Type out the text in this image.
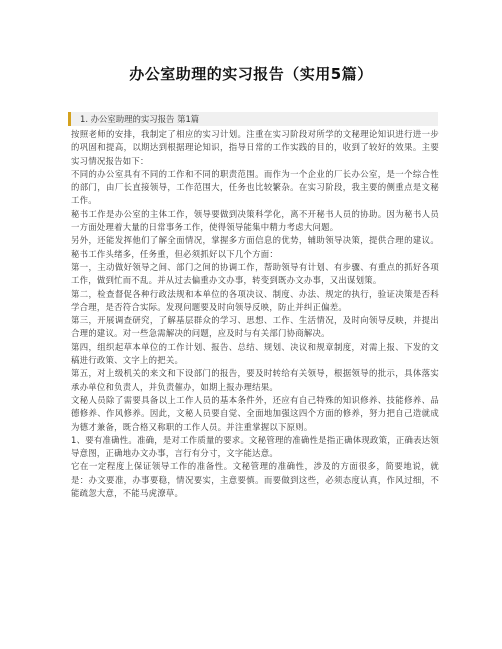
办公室助理的实习报告（实用5篇）
1. 办公室助理的实习报告 第1篇

按照老师的安排，我制定了相应的实习计划。注重在实习阶段对所学的文秘理论知识进行进一步的巩固和提高，以期达到根据理论知识，指导日常的工作实践的目的，收到了较好的效果。主要实习情况报告如下：

不同的办公室具有不同的工作和不同的职责范围。而作为一个企业的厂长办公室，是一个综合性的部门，由厂长直接领导，工作范围大，任务也比较繁杂。在实习阶段，我主要的侧重点是文秘工作。

秘书工作是办公室的主体工作，领导要做到决策科学化，离不开秘书人员的协助。因为秘书人员一方面处理着大量的日常事务工作，使得领导能集中精力考虑大问题。

另外，还能发挥他们了解全面情况，掌握多方面信息的优势，辅助领导决策，提供合理的建议。秘书工作头绪多，任务重，但必须抓好以下几个方面：

第一，主动做好领导之间、部门之间的协调工作，帮助领导有计划、有步骤、有重点的抓好各项工作，做到忙而不乱。并从过去偏重办文办事，转变到既办文办事，又出谋划策。

第二，检查督促各种行政法规和本单位的各项决议、制度、办法、规定的执行，验证决策是否科学合理，是否符合实际。发现问题要及时向领导反映，防止并纠正偏差。

第三，开展调查研究，了解基层群众的学习、思想、工作、生活情况，及时向领导反映，并提出合理的建议。对一些急需解决的问题，应及时与有关部门协商解决。

第四，组织起草本单位的工作计划、报告、总结、规划、决议和规章制度，对需上报、下发的文稿进行政策、文字上的把关。

第五，对上级机关的来文和下设部门的报告，要及时转给有关领导，根据领导的批示，具体落实承办单位和负责人，并负责催办，如期上报办理结果。

文秘人员除了需要具备以上工作人员的基本条件外，还应有自己特殊的知识修养、技能修养、品德修养、作风修养。因此，文秘人员要自觉、全面地加强这四个方面的修养，努力把自己造就成为德才兼备，既合格又称职的工作人员。并注重掌握以下原则。

1、要有准确性。准确，是对工作质量的要求。文秘管理的准确性是指正确体现政策，正确表达领导意图，正确地办文办事，言行有分寸，文字能达意。

它在一定程度上保证领导工作的准备性。文秘管理的准确性，涉及的方面很多，简要地说，就是：办文要准，办事要稳，情况要实，主意要慎。而要做到这些，必须态度认真，作风过细，不能疏忽大意，不能马虎潦草。
